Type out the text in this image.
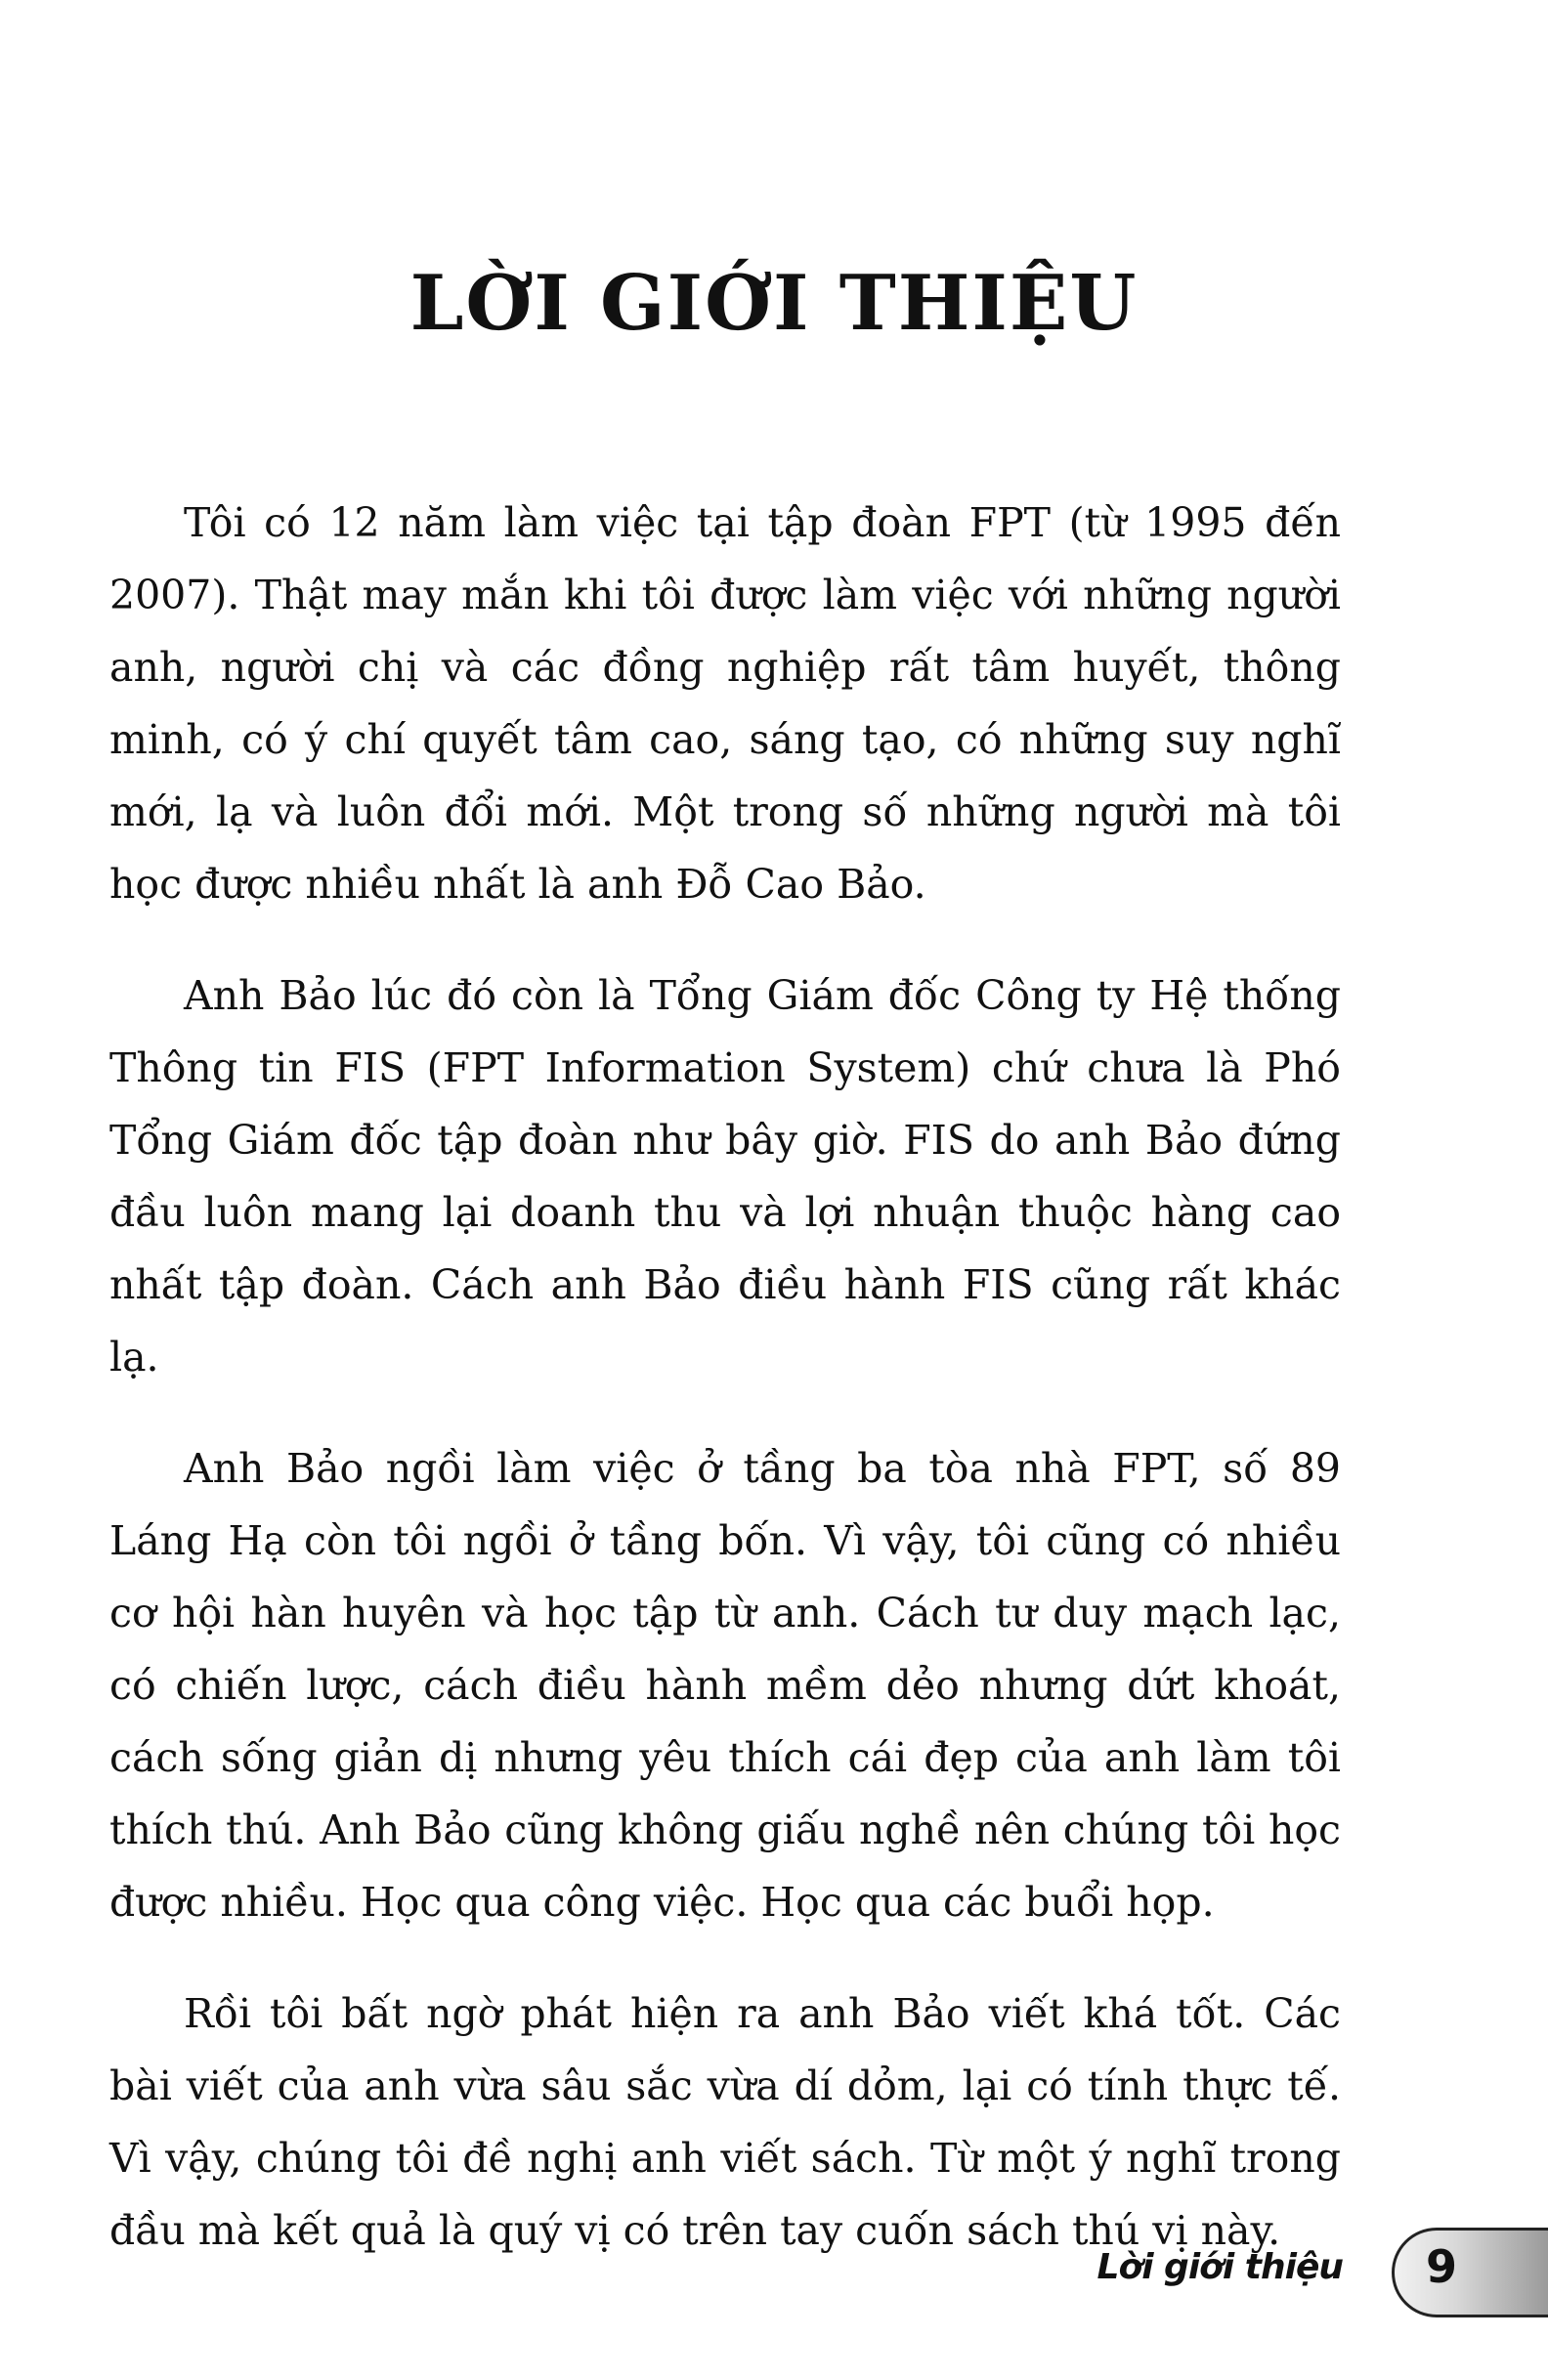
LỜI GIỚI THIỆU

Tôi có 12 năm làm việc tại tập đoàn FPT (từ 1995 đến 2007). Thật may mắn khi tôi được làm việc với những người anh, người chị và các đồng nghiệp rất tâm huyết, thông minh, có ý chí quyết tâm cao, sáng tạo, có những suy nghĩ mới, lạ và luôn đổi mới. Một trong số những người mà tôi học được nhiều nhất là anh Đỗ Cao Bảo.

Anh Bảo lúc đó còn là Tổng Giám đốc Công ty Hệ thống Thông tin FIS (FPT Information System) chứ chưa là Phó Tổng Giám đốc tập đoàn như bây giờ. FIS do anh Bảo đứng đầu luôn mang lại doanh thu và lợi nhuận thuộc hàng cao nhất tập đoàn. Cách anh Bảo điều hành FIS cũng rất khác lạ.

Anh Bảo ngồi làm việc ở tầng ba tòa nhà FPT, số 89 Láng Hạ còn tôi ngồi ở tầng bốn. Vì vậy, tôi cũng có nhiều cơ hội hàn huyên và học tập từ anh. Cách tư duy mạch lạc, có chiến lược, cách điều hành mềm dẻo nhưng dứt khoát, cách sống giản dị nhưng yêu thích cái đẹp của anh làm tôi thích thú. Anh Bảo cũng không giấu nghề nên chúng tôi học được nhiều. Học qua công việc. Học qua các buổi họp.

Rồi tôi bất ngờ phát hiện ra anh Bảo viết khá tốt. Các bài viết của anh vừa sâu sắc vừa dí dỏm, lại có tính thực tế. Vì vậy, chúng tôi đề nghị anh viết sách. Từ một ý nghĩ trong đầu mà kết quả là quý vị có trên tay cuốn sách thú vị này.

Lời giới thiệu 9
